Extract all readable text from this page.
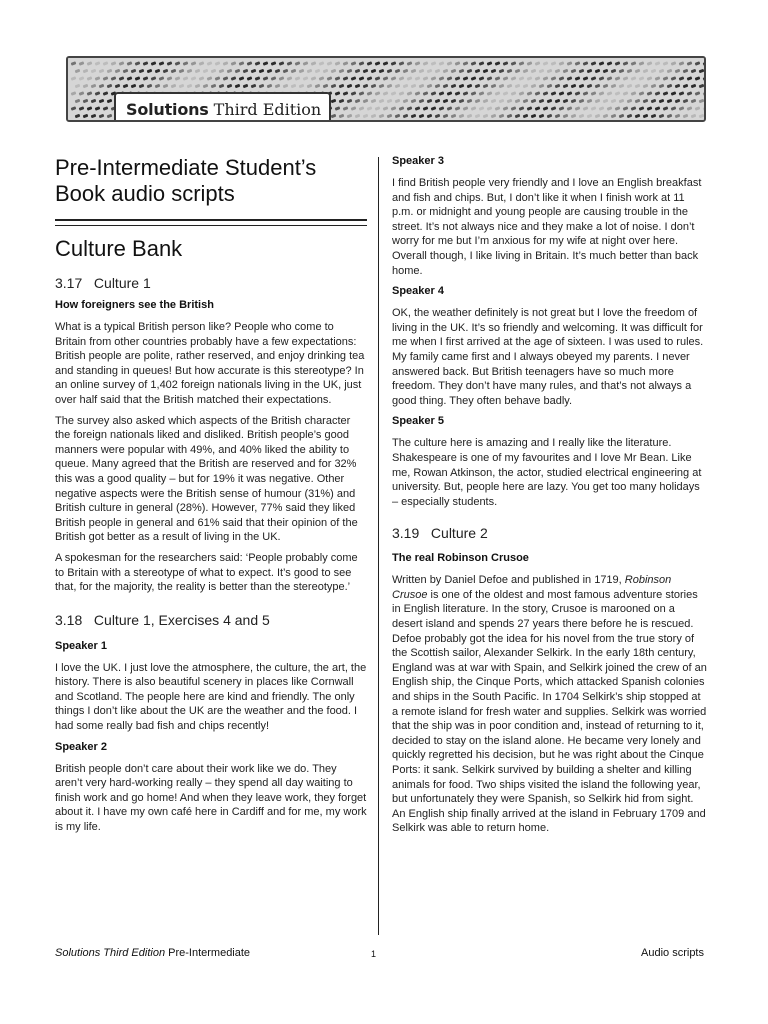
Solutions Third Edition
Pre-Intermediate Student’s
Book audio scripts
Culture Bank
3.17   Culture 1
How foreigners see the British

What is a typical British person like? People who come to Britain from other countries probably have a few expectations: British people are polite, rather reserved, and enjoy drinking tea and standing in queues! But how accurate is this stereotype? In an online survey of 1,402 foreign nationals living in the UK, just over half said that the British matched their expectations.

The survey also asked which aspects of the British character the foreign nationals liked and disliked. British people’s good manners were popular with 49%, and 40% liked the ability to queue. Many agreed that the British are reserved and for 32% this was a good quality – but for 19% it was negative. Other negative aspects were the British sense of humour (31%) and British culture in general (28%). However, 77% said they liked British people in general and 61% said that their opinion of the British got better as a result of living in the UK.

A spokesman for the researchers said: ‘People probably come to Britain with a stereotype of what to expect. It’s good to see that, for the majority, the reality is better than the stereotype.’

3.18   Culture 1, Exercises 4 and 5
Speaker 1

I love the UK. I just love the atmosphere, the culture, the art, the history. There is also beautiful scenery in places like Cornwall and Scotland. The people here are kind and friendly. The only things I don’t like about the UK are the weather and the food. I had some really bad fish and chips recently!

Speaker 2

British people don’t care about their work like we do. They aren’t very hard-working really – they spend all day waiting to finish work and go home! And when they leave work, they forget about it. I have my own café here in Cardiff and for me, my work is my life.

Speaker 3

I find British people very friendly and I love an English breakfast and fish and chips. But, I don’t like it when I finish work at 11 p.m. or midnight and young people are causing trouble in the street. It’s not always nice and they make a lot of noise. I don’t worry for me but I’m anxious for my wife at night over here. Overall though, I like living in Britain. It’s much better than back home.

Speaker 4

OK, the weather definitely is not great but I love the freedom of living in the UK. It’s so friendly and welcoming. It was difficult for me when I first arrived at the age of sixteen. I was used to rules. My family came first and I always obeyed my parents. I never answered back. But British teenagers have so much more freedom. They don’t have many rules, and that’s not always a good thing. They often behave badly.

Speaker 5

The culture here is amazing and I really like the literature. Shakespeare is one of my favourites and I love Mr Bean. Like me, Rowan Atkinson, the actor, studied electrical engineering at university. But, people here are lazy. You get too many holidays – especially students.

3.19   Culture 2
The real Robinson Crusoe

Written by Daniel Defoe and published in 1719, Robinson Crusoe is one of the oldest and most famous adventure stories in English literature. In the story, Crusoe is marooned on a desert island and spends 27 years there before he is rescued. Defoe probably got the idea for his novel from the true story of the Scottish sailor, Alexander Selkirk. In the early 18th century, England was at war with Spain, and Selkirk joined the crew of an English ship, the Cinque Ports, which attacked Spanish colonies and ships in the South Pacific. In 1704 Selkirk’s ship stopped at a remote island for fresh water and supplies. Selkirk was worried that the ship was in poor condition and, instead of returning to it, decided to stay on the island alone. He became very lonely and quickly regretted his decision, but he was right about the Cinque Ports: it sank. Selkirk survived by building a shelter and killing animals for food. Two ships visited the island the following year, but unfortunately they were Spanish, so Selkirk hid from sight. An English ship finally arrived at the island in February 1709 and Selkirk was able to return home.

Solutions Third Edition Pre-Intermediate	1	Audio scripts
